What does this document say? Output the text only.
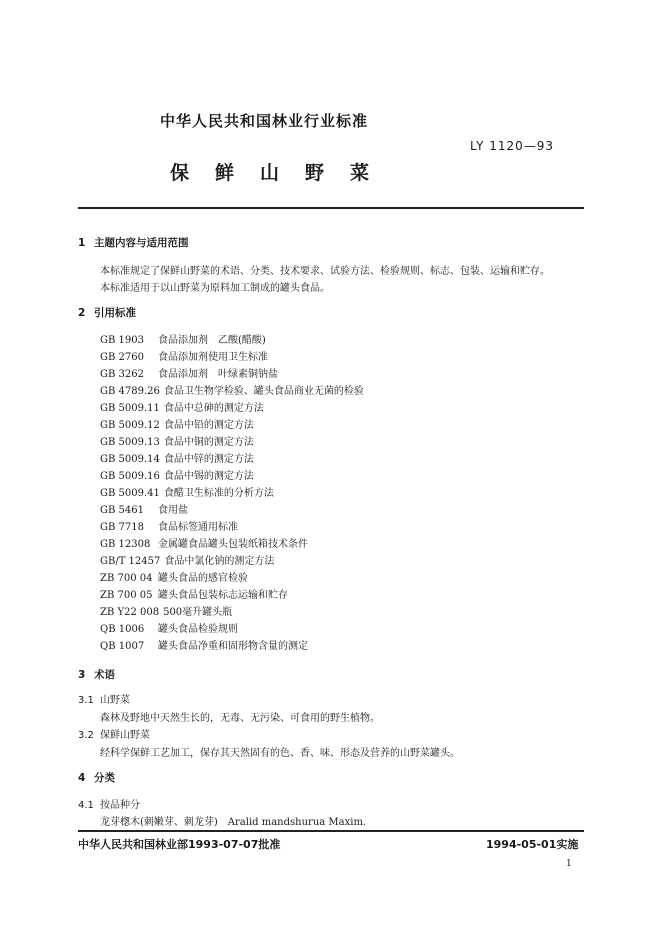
中华人民共和国林业行业标准
LY 1120—93
保鲜山野菜
1 主题内容与适用范围
本标准规定了保鲜山野菜的术语、分类、技术要求、试验方法、检验规则、标志、包装、运输和贮存。
本标准适用于以山野菜为原料加工制成的罐头食品。
2 引用标准
GB 1903 食品添加剂　乙酸(醋酸)
GB 2760 食品添加剂使用卫生标准
GB 3262 食品添加剂　叶绿素铜钠盐
GB 4789.26 食品卫生物学检验、罐头食品商业无菌的检验
GB 5009.11 食品中总砷的测定方法
GB 5009.12 食品中铅的测定方法
GB 5009.13 食品中铜的测定方法
GB 5009.14 食品中锌的测定方法
GB 5009.16 食品中锡的测定方法
GB 5009.41 食醋卫生标准的分析方法
GB 5461 食用盐
GB 7718 食品标签通用标准
GB 12308 金属罐食品罐头包装纸箱技术条件
GB/T 12457 食品中氯化钠的测定方法
ZB 700 04 罐头食品的感官检验
ZB 700 05 罐头食品包装标志运输和贮存
ZB Y22 008 500毫升罐头瓶
QB 1006 罐头食品检验规则
QB 1007 罐头食品净重和固形物含量的测定
3 术语
3.1 山野菜
森林及野地中天然生长的，无毒、无污染、可食用的野生植物。
3.2 保鲜山野菜
经科学保鲜工艺加工，保存其天然固有的色、香、味、形态及营养的山野菜罐头。
4 分类
4.1 按品种分
龙芽楤木(刺嫩芽、刺龙芽)　Aralid mandshurua Maxim.
中华人民共和国林业部1993-07-07批准	1994-05-01实施
1
